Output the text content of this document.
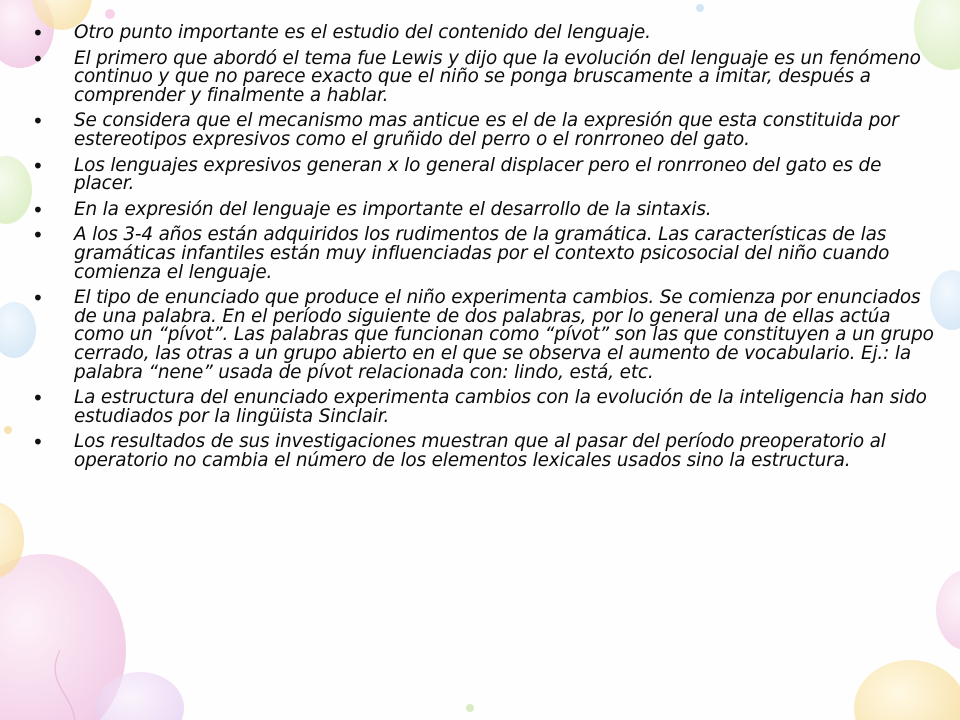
• Otro punto importante es el estudio del contenido del lenguaje.
• El primero que abordó el tema fue Lewis y dijo que la evolución del lenguaje es un fenómeno continuo y que no parece exacto que el niño se ponga bruscamente a imitar, después a comprender y finalmente a hablar.
• Se considera que el mecanismo mas anticue es el de la expresión que esta constituida por estereotipos expresivos como el gruñido del perro o el ronrroneo del gato.
• Los lenguajes expresivos generan x lo general displacer pero el ronrroneo del gato es de placer.
• En la expresión del lenguaje es importante el desarrollo de la sintaxis.
• A los 3-4 años están adquiridos los rudimentos de la gramática. Las características de las gramáticas infantiles están muy influenciadas por el contexto psicosocial del niño cuando comienza el lenguaje.
• El tipo de enunciado que produce el niño experimenta cambios. Se comienza por enunciados de una palabra. En el período siguiente de dos palabras, por lo general una de ellas actúa como un “pívot”. Las palabras que funcionan como “pívot” son las que constituyen a un grupo cerrado, las otras a un grupo abierto en el que se observa el aumento de vocabulario. Ej.: la palabra “nene” usada de pívot relacionada con: lindo, está, etc.
• La estructura del enunciado experimenta cambios con la evolución de la inteligencia han sido estudiados por la lingüista Sinclair.
• Los resultados de sus investigaciones muestran que al pasar del período preoperatorio al operatorio no cambia el número de los elementos lexicales usados sino la estructura.
